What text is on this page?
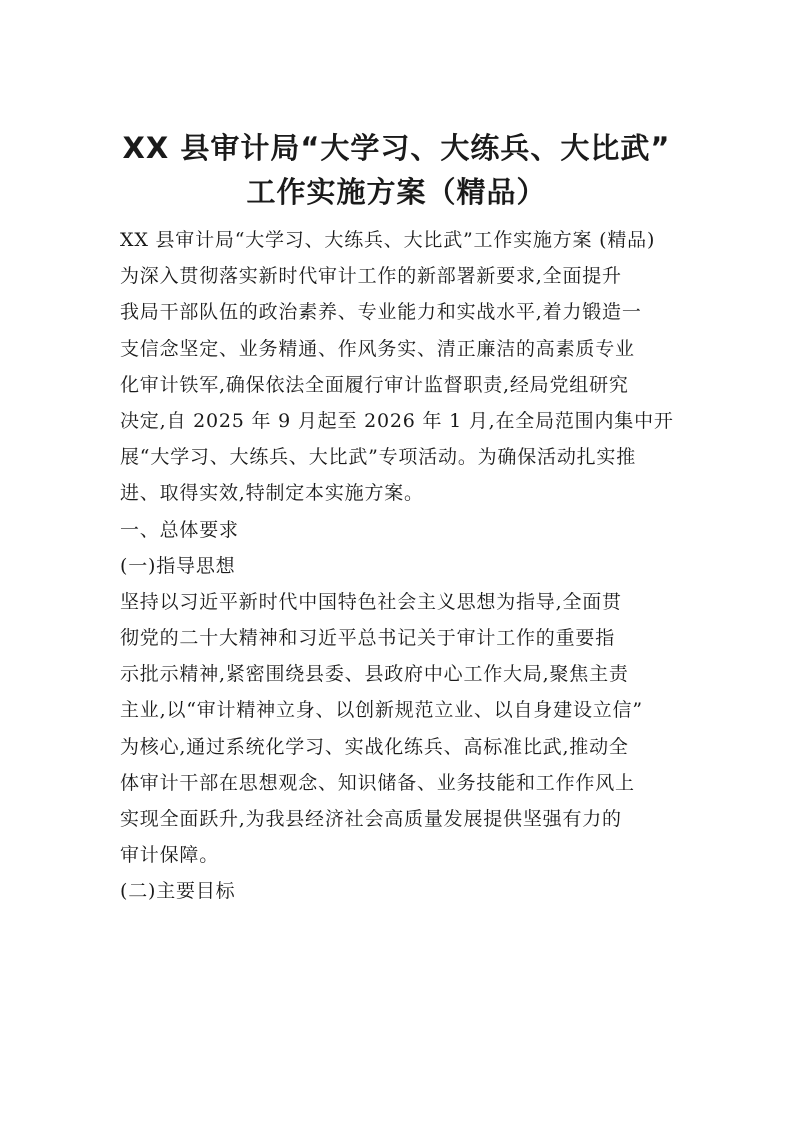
XX 县审计局“大学习、大练兵、大比武”
工作实施方案（精品）
XX 县审计局“大学习、大练兵、大比武”工作实施方案 (精品)
为深入贯彻落实新时代审计工作的新部署新要求,全面提升
我局干部队伍的政治素养、专业能力和实战水平,着力锻造一
支信念坚定、业务精通、作风务实、清正廉洁的高素质专业
化审计铁军,确保依法全面履行审计监督职责,经局党组研究
决定,自 2025 年 9 月起至 2026 年 1 月,在全局范围内集中开
展“大学习、大练兵、大比武”专项活动。为确保活动扎实推
进、取得实效,特制定本实施方案。
一、总体要求
(一)指导思想
坚持以习近平新时代中国特色社会主义思想为指导,全面贯
彻党的二十大精神和习近平总书记关于审计工作的重要指
示批示精神,紧密围绕县委、县政府中心工作大局,聚焦主责
主业,以“审计精神立身、以创新规范立业、以自身建设立信”
为核心,通过系统化学习、实战化练兵、高标准比武,推动全
体审计干部在思想观念、知识储备、业务技能和工作作风上
实现全面跃升,为我县经济社会高质量发展提供坚强有力的
审计保障。
(二)主要目标
